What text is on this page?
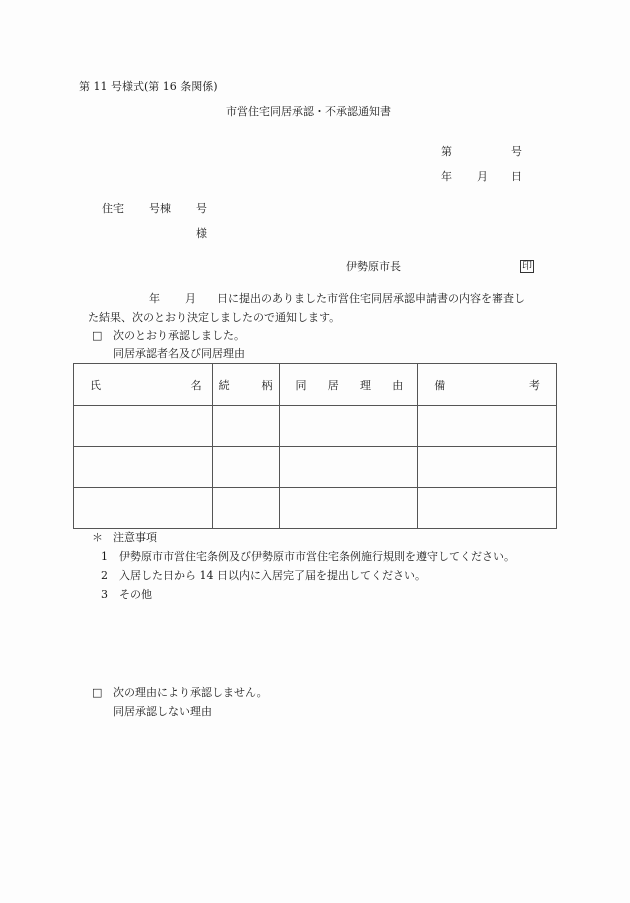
第 11 号様式(第 16 条関係)
市営住宅同居承認・不承認通知書
第	号
年 月 日
住宅 号棟 号
様
伊勢原市長	印
年 月 日に提出のありました市営住宅同居承認申請書の内容を審査し
た結果、次のとおり決定しましたので通知します。
□ 次のとおり承認しました。
同居承認者名及び同居理由
氏 名	続 柄	同 居 理 由	備 考

＊ 注意事項
1 伊勢原市市営住宅条例及び伊勢原市市営住宅条例施行規則を遵守してください。
2 入居した日から 14 日以内に入居完了届を提出してください。
3 その他
□ 次の理由により承認しません。
同居承認しない理由
